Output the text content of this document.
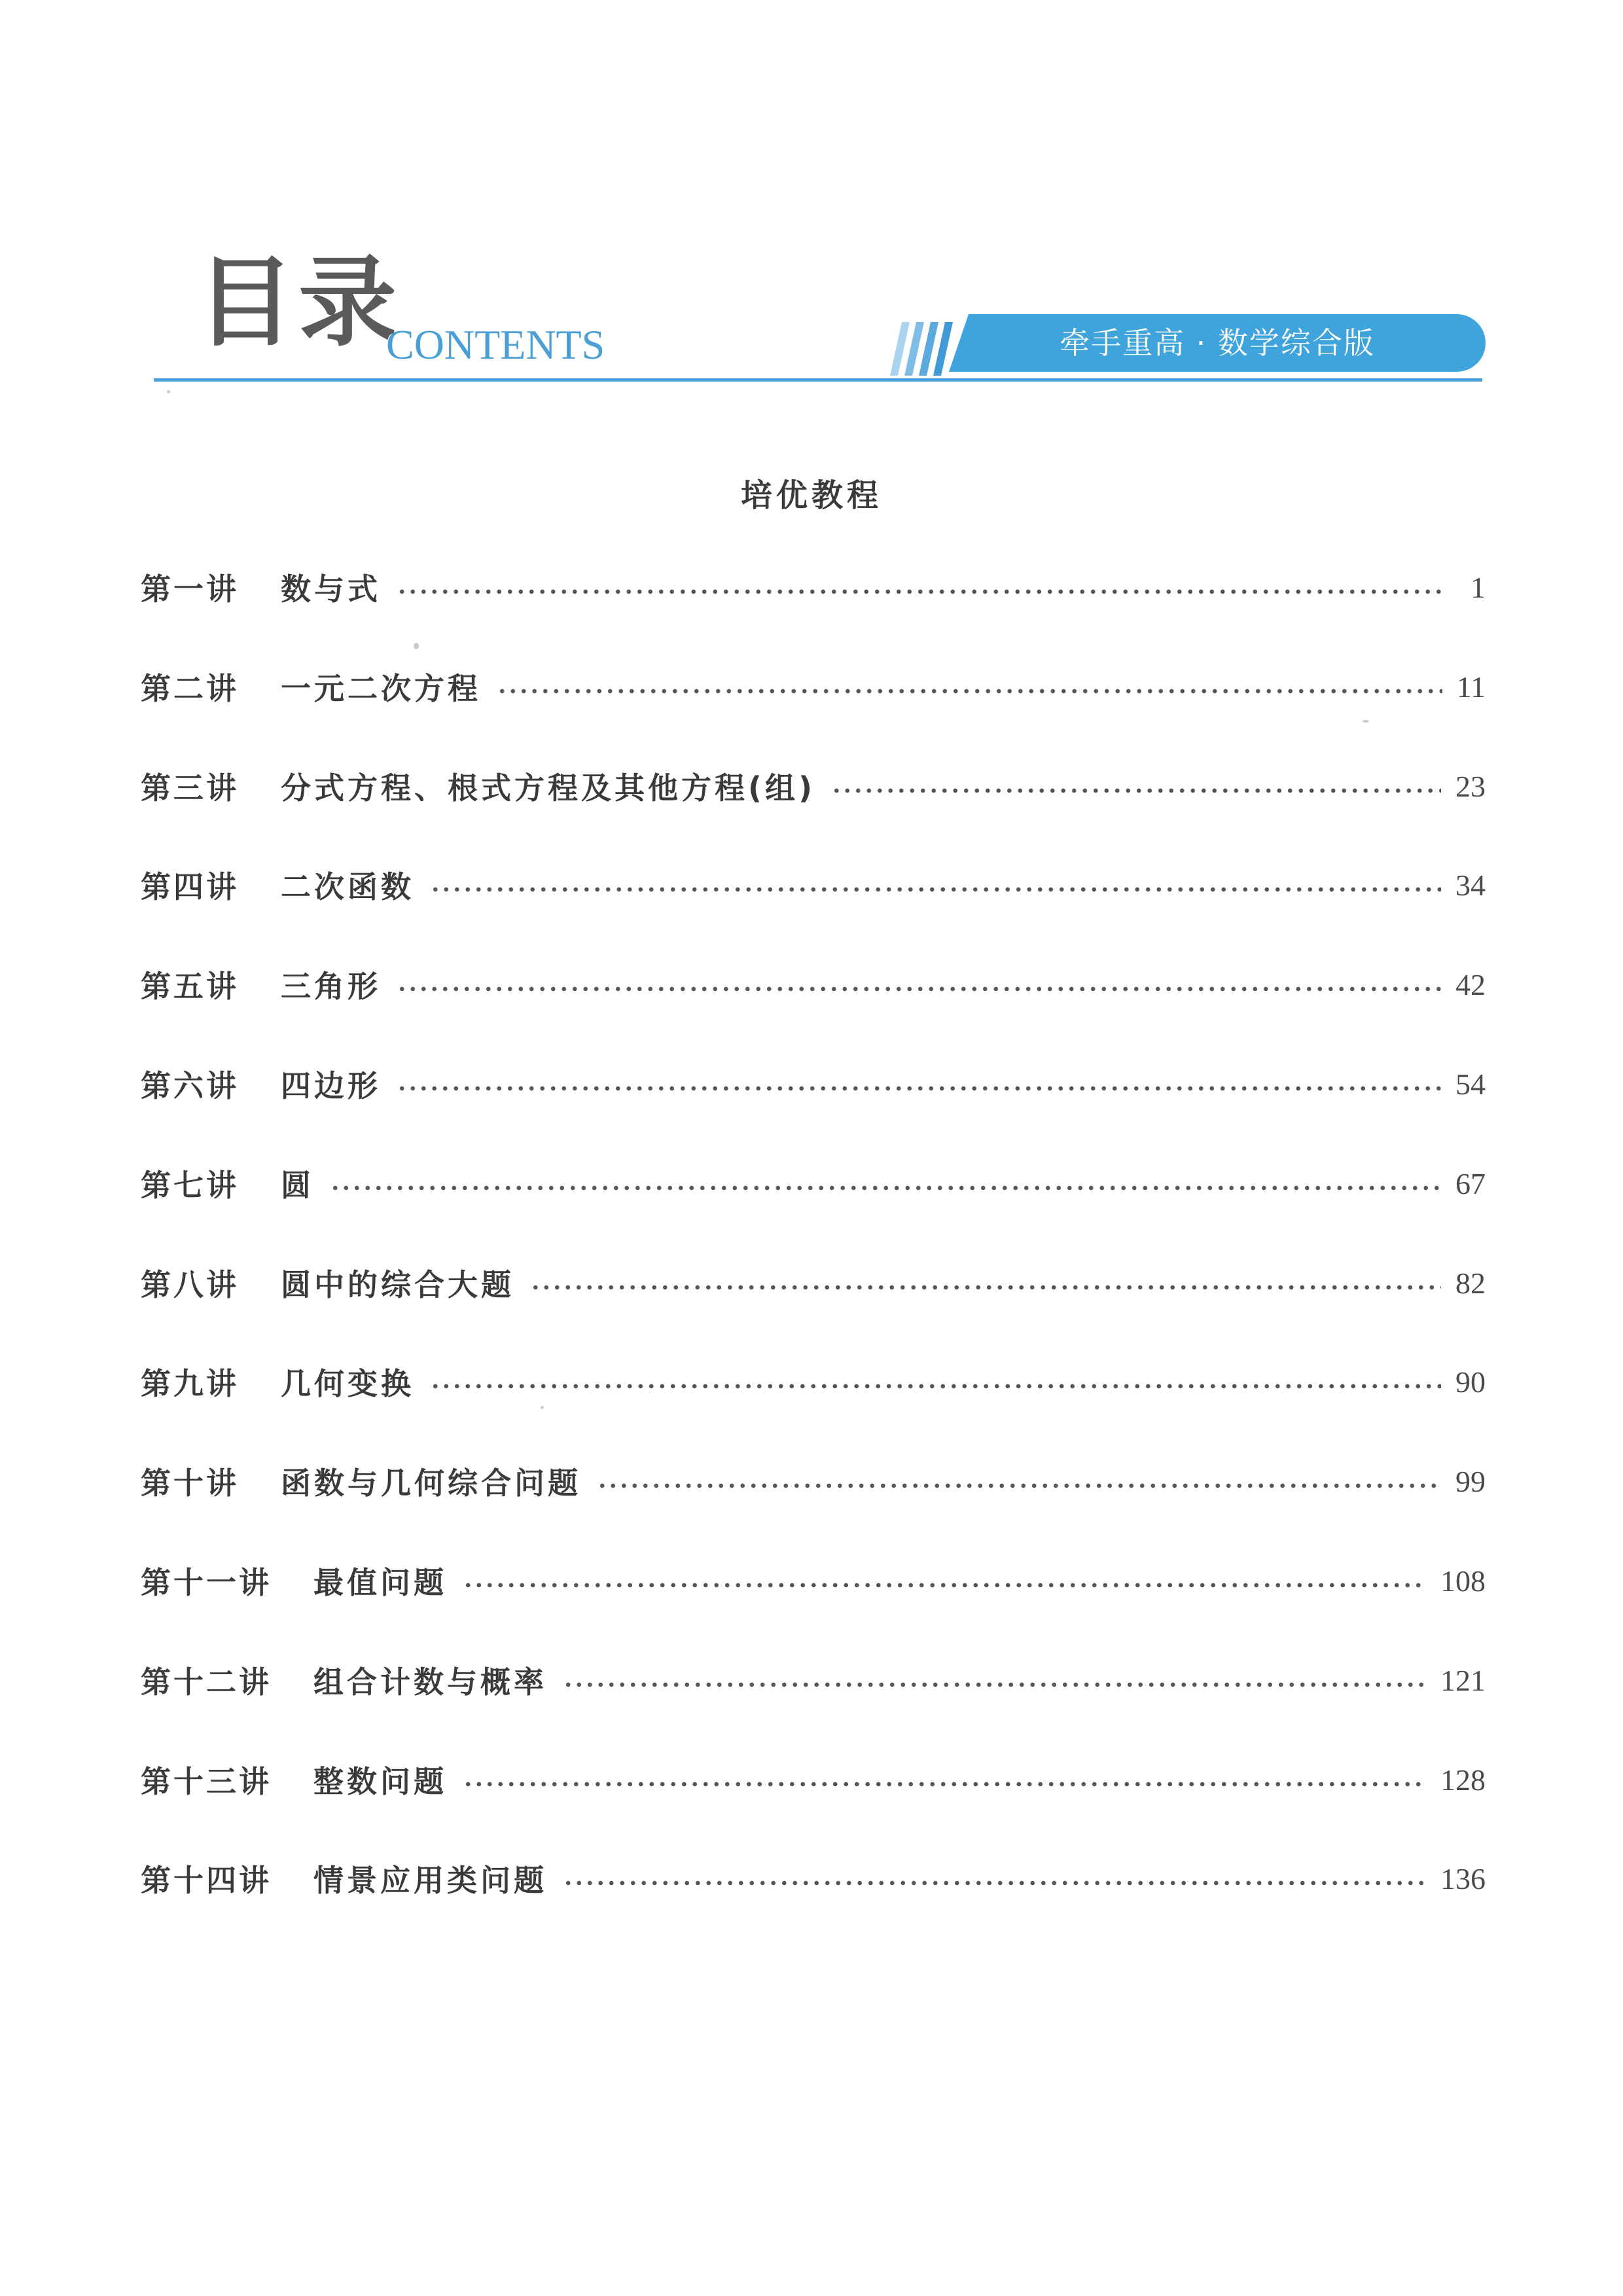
目录
CONTENTS	牵手重高 · 数学综合版
培优教程
第一讲	数与式	1
第二讲	一元二次方程	11
第三讲	分式方程、根式方程及其他方程(组)	23
第四讲	二次函数	34
第五讲	三角形	42
第六讲	四边形	54
第七讲	圆	67
第八讲	圆中的综合大题	82
第九讲	几何变换	90
第十讲	函数与几何综合问题	99
第十一讲	最值问题	108
第十二讲	组合计数与概率	121
第十三讲	整数问题	128
第十四讲	情景应用类问题	136
